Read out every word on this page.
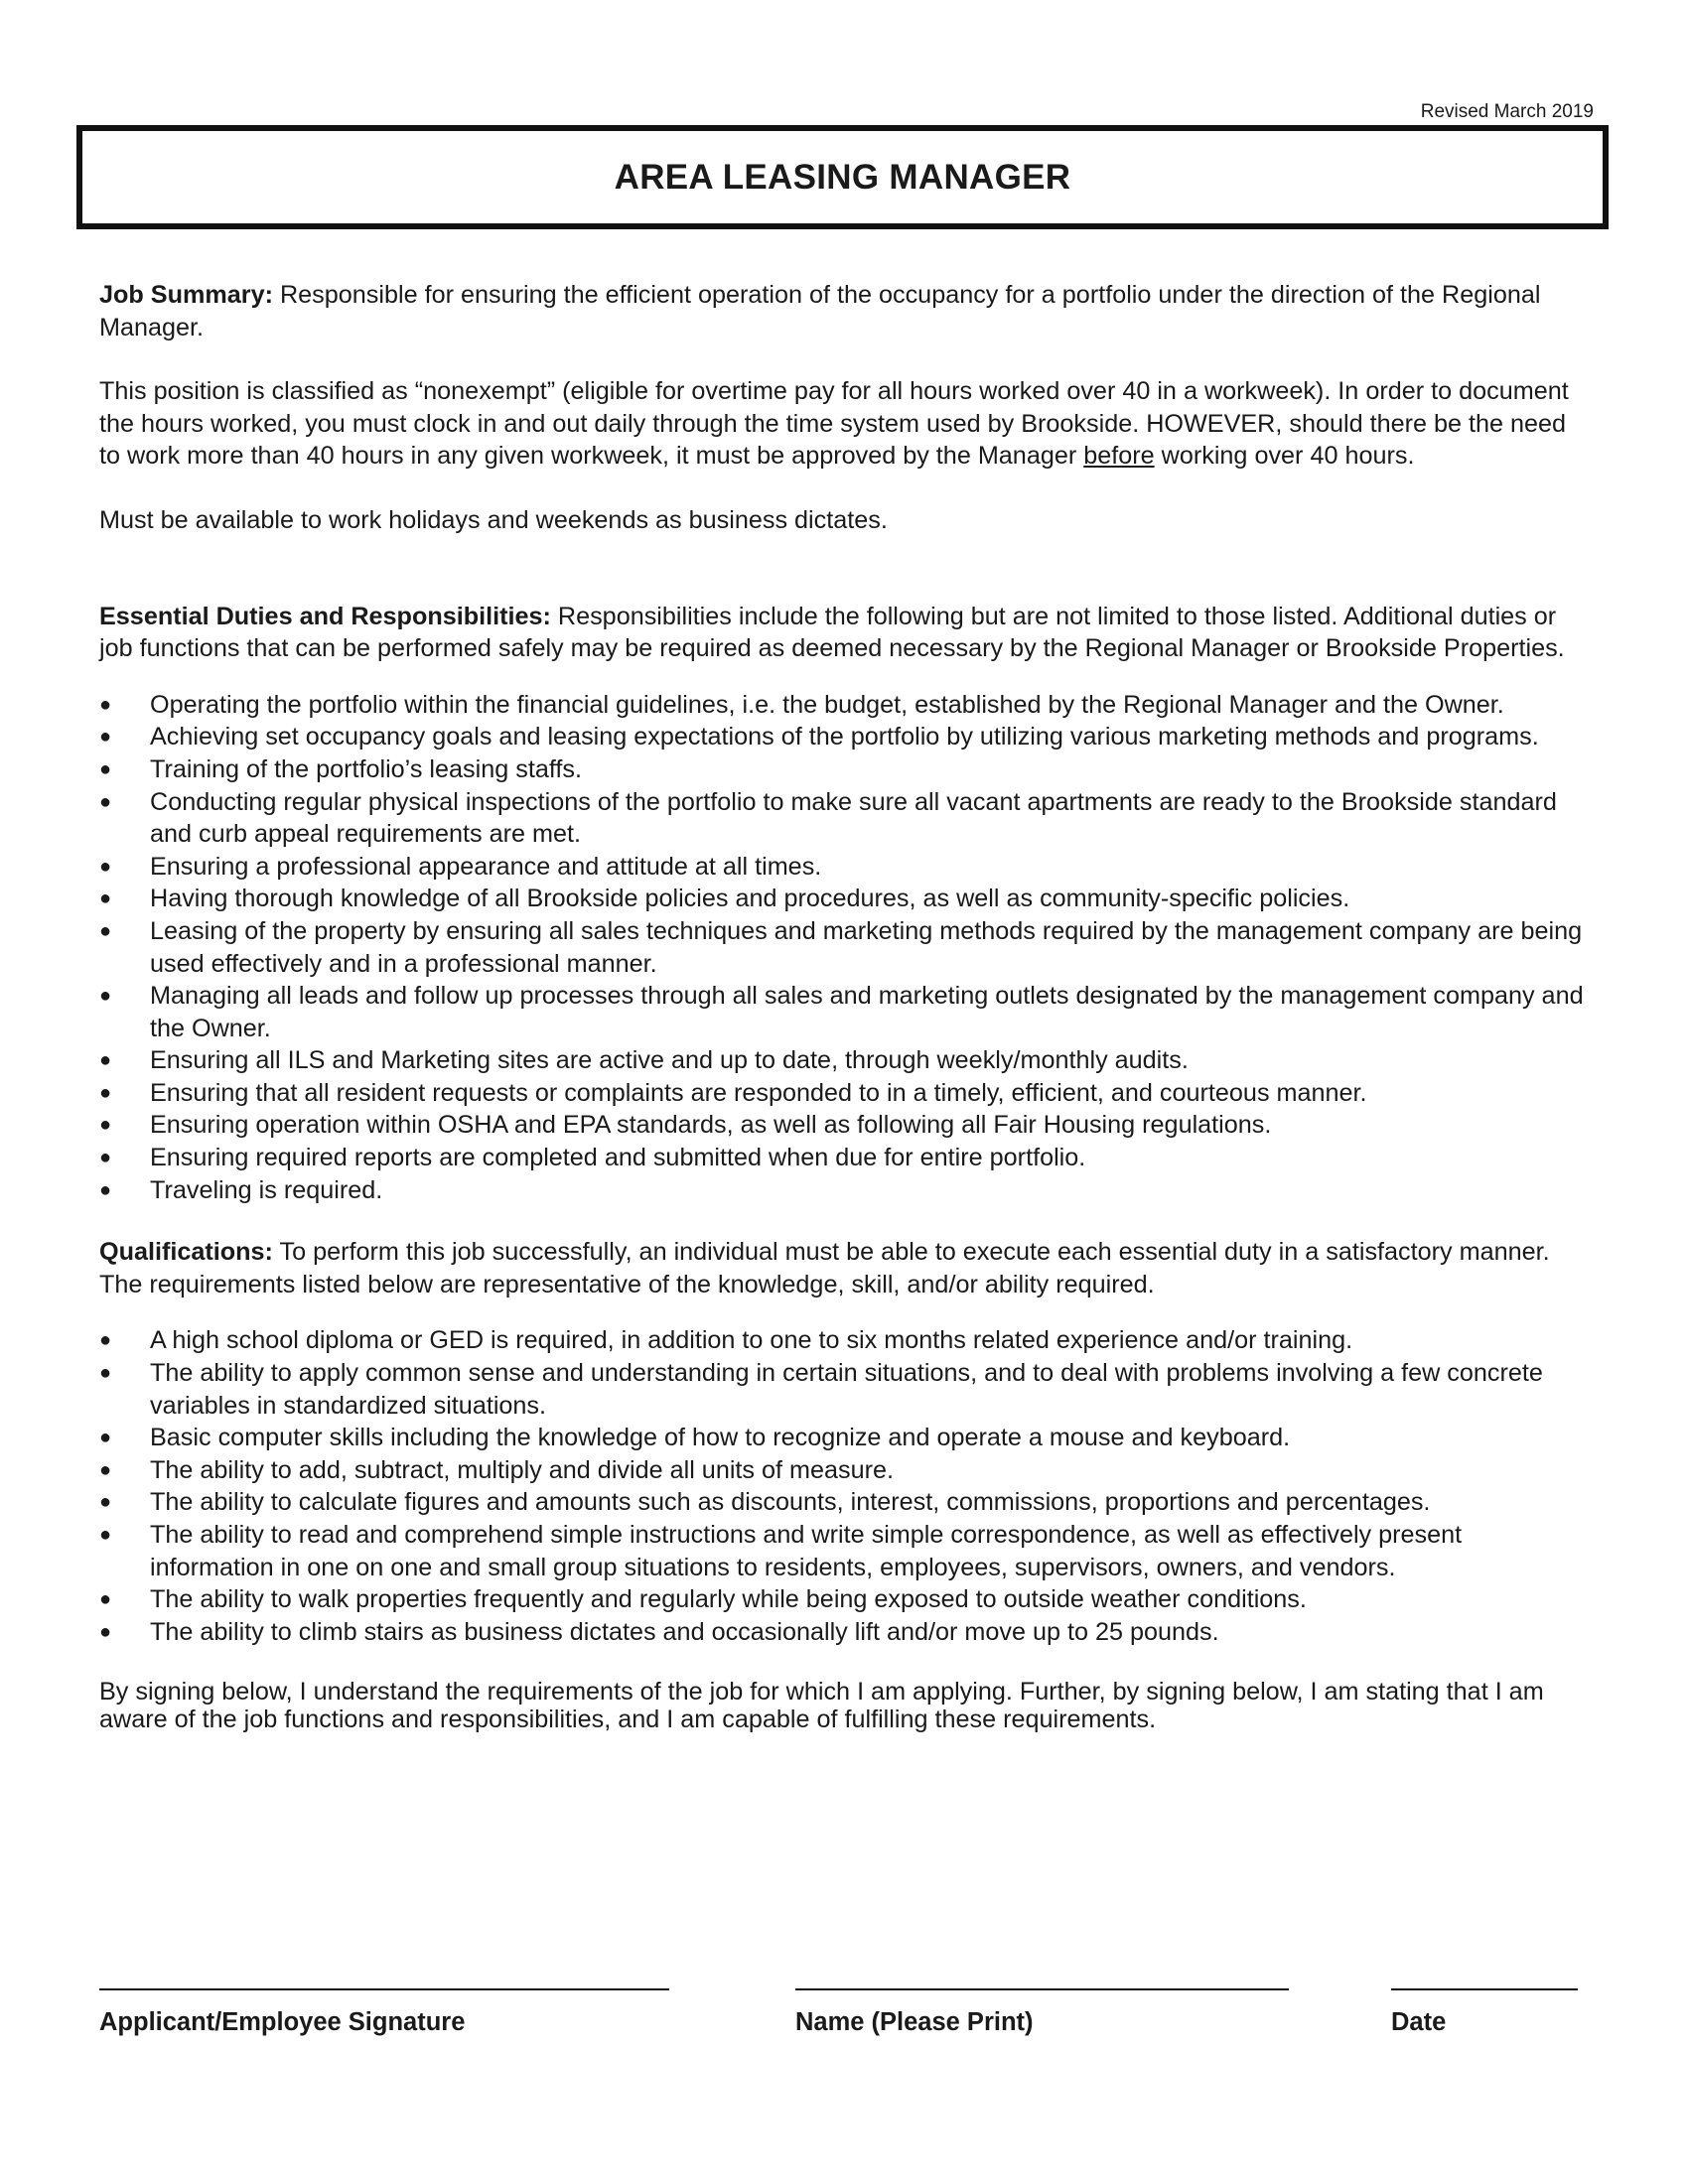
Revised March 2019
AREA LEASING MANAGER

Job Summary: Responsible for ensuring the efficient operation of the occupancy for a portfolio under the direction of the Regional Manager.

This position is classified as “nonexempt” (eligible for overtime pay for all hours worked over 40 in a workweek). In order to document the hours worked, you must clock in and out daily through the time system used by Brookside. HOWEVER, should there be the need to work more than 40 hours in any given workweek, it must be approved by the Manager before working over 40 hours.

Must be available to work holidays and weekends as business dictates.

Essential Duties and Responsibilities: Responsibilities include the following but are not limited to those listed. Additional duties or job functions that can be performed safely may be required as deemed necessary by the Regional Manager or Brookside Properties.

● Operating the portfolio within the financial guidelines, i.e. the budget, established by the Regional Manager and the Owner.
● Achieving set occupancy goals and leasing expectations of the portfolio by utilizing various marketing methods and programs.
● Training of the portfolio’s leasing staffs.
● Conducting regular physical inspections of the portfolio to make sure all vacant apartments are ready to the Brookside standard and curb appeal requirements are met.
● Ensuring a professional appearance and attitude at all times.
● Having thorough knowledge of all Brookside policies and procedures, as well as community-specific policies.
● Leasing of the property by ensuring all sales techniques and marketing methods required by the management company are being used effectively and in a professional manner.
● Managing all leads and follow up processes through all sales and marketing outlets designated by the management company and the Owner.
● Ensuring all ILS and Marketing sites are active and up to date, through weekly/monthly audits.
● Ensuring that all resident requests or complaints are responded to in a timely, efficient, and courteous manner.
● Ensuring operation within OSHA and EPA standards, as well as following all Fair Housing regulations.
● Ensuring required reports are completed and submitted when due for entire portfolio.
● Traveling is required.

Qualifications: To perform this job successfully, an individual must be able to execute each essential duty in a satisfactory manner. The requirements listed below are representative of the knowledge, skill, and/or ability required.

● A high school diploma or GED is required, in addition to one to six months related experience and/or training.
● The ability to apply common sense and understanding in certain situations, and to deal with problems involving a few concrete variables in standardized situations.
● Basic computer skills including the knowledge of how to recognize and operate a mouse and keyboard.
● The ability to add, subtract, multiply and divide all units of measure.
● The ability to calculate figures and amounts such as discounts, interest, commissions, proportions and percentages.
● The ability to read and comprehend simple instructions and write simple correspondence, as well as effectively present information in one on one and small group situations to residents, employees, supervisors, owners, and vendors.
● The ability to walk properties frequently and regularly while being exposed to outside weather conditions.
● The ability to climb stairs as business dictates and occasionally lift and/or move up to 25 pounds.

By signing below, I understand the requirements of the job for which I am applying. Further, by signing below, I am stating that I am aware of the job functions and responsibilities, and I am capable of fulfilling these requirements.

Applicant/Employee Signature	Name (Please Print)	Date
